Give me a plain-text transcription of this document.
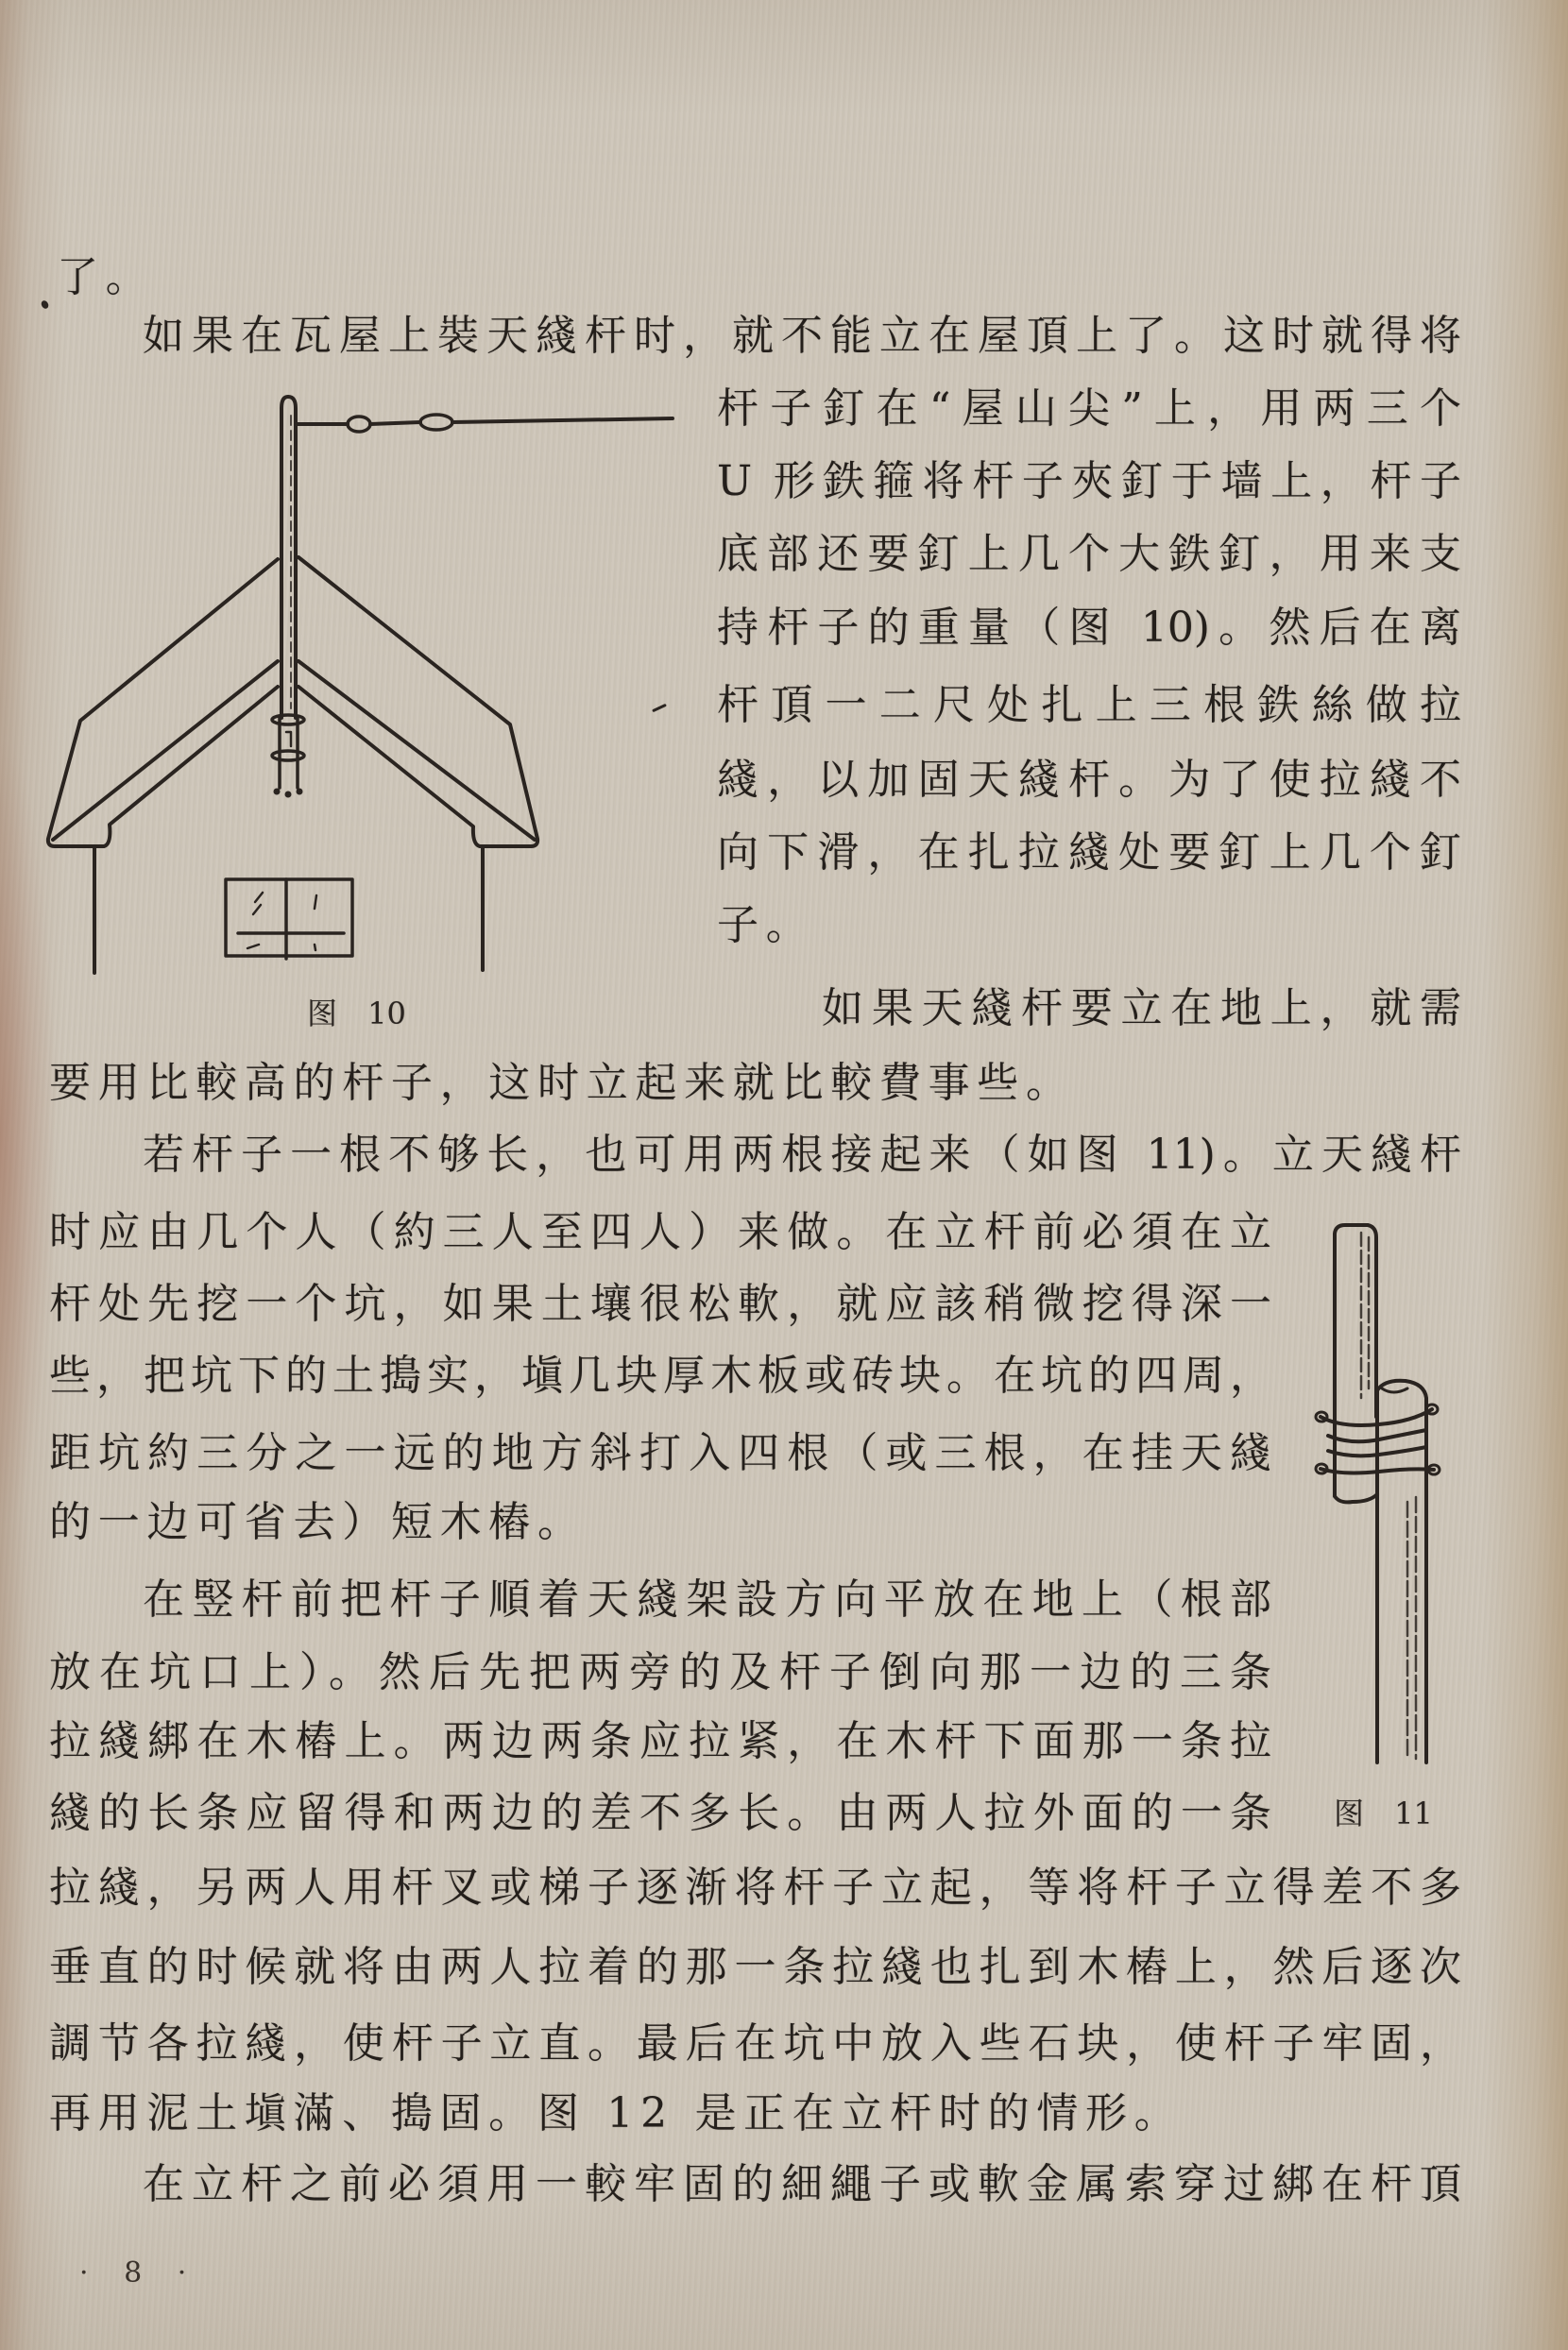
了。
如果在瓦屋上裝天綫杆时，就不能立在屋頂上了。这时就得将
杆子釘在“屋山尖”上，用两三个
U 形鉄箍将杆子夾釘于墙上，杆子
底部还要釘上几个大鉄釘，用来支
持杆子的重量（图 10)。然后在离
杆頂一二尺处扎上三根鉄絲做拉
綫，以加固天綫杆。为了使拉綫不
向下滑，在扎拉綫处要釘上几个釘
子。
图 10	如果天綫杆要立在地上，就需
要用比較高的杆子，这时立起来就比較費事些。
若杆子一根不够长，也可用两根接起来（如图 11)。立天綫杆
时应由几个人（約三人至四人）来做。在立杆前必須在立
杆处先挖一个坑，如果土壤很松軟，就应該稍微挖得深一
些，把坑下的土搗实，塡几块厚木板或砖块。在坑的四周，
距坑約三分之一远的地方斜打入四根（或三根，在挂天綫
的一边可省去）短木樁。
图 11
在竪杆前把杆子順着天綫架設方向平放在地上（根部
放在坑口上）。然后先把两旁的及杆子倒向那一边的三条
拉綫綁在木樁上。两边两条应拉紧，在木杆下面那一条拉
綫的长条应留得和两边的差不多长。由两人拉外面的一条
拉綫，另两人用杆叉或梯子逐渐将杆子立起，等将杆子立得差不多
垂直的时候就将由两人拉着的那一条拉綫也扎到木樁上，然后逐次
調节各拉綫，使杆子立直。最后在坑中放入些石块，使杆子牢固，
再用泥土塡滿、搗固。图 12 是正在立杆时的情形。
在立杆之前必須用一較牢固的細繩子或軟金属索穿过綁在杆頂
· 8 ·
